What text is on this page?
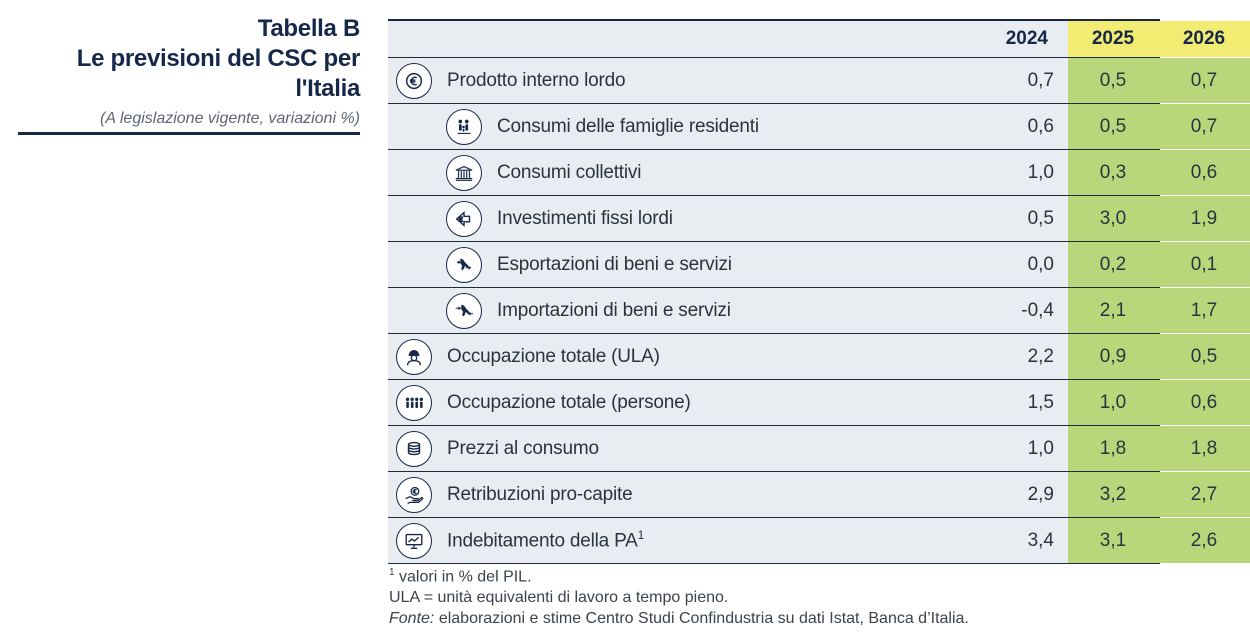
Tabella B
Le previsioni del CSC per l'Italia
(A legislazione vigente, variazioni %)
2024	2025	2026
Prodotto interno lordo	0,7	0,5	0,7
Consumi delle famiglie residenti	0,6	0,5	0,7
Consumi collettivi	1,0	0,3	0,6
Investimenti fissi lordi	0,5	3,0	1,9
Esportazioni di beni e servizi	0,0	0,2	0,1
Importazioni di beni e servizi	-0,4	2,1	1,7
Occupazione totale (ULA)	2,2	0,9	0,5
Occupazione totale (persone)	1,5	1,0	0,6
Prezzi al consumo	1,0	1,8	1,8
Retribuzioni pro-capite	2,9	3,2	2,7
Indebitamento della $PA^1$	3,4	3,1	2,6
$^1$ valori in % del PIL.
ULA = unità equivalenti di lavoro a tempo pieno.
Fonte: elaborazioni e stime Centro Studi Confindustria su dati Istat, Banca d’Italia.
